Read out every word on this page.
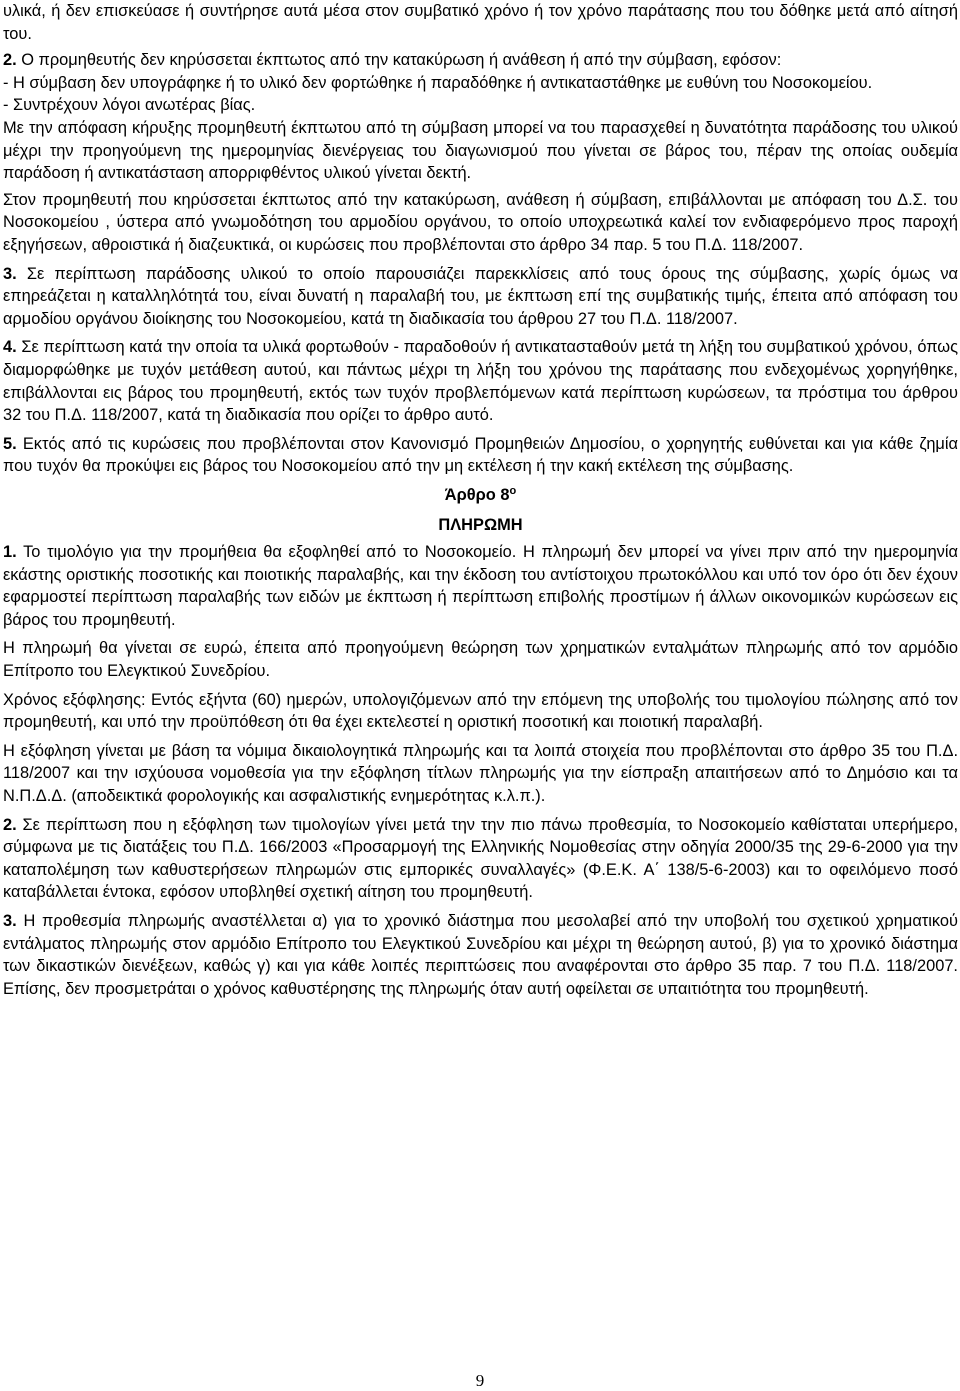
υλικά, ή δεν επισκεύασε ή συντήρησε αυτά μέσα στον συμβατικό χρόνο ή τον χρόνο παράτασης που του δόθηκε μετά από αίτησή του.

2. Ο προμηθευτής δεν κηρύσσεται έκπτωτος από την κατακύρωση ή ανάθεση ή από την σύμβαση, εφόσον:

- Η σύμβαση δεν υπογράφηκε ή το υλικό δεν φορτώθηκε ή παραδόθηκε ή αντικαταστάθηκε με ευθύνη του Νοσοκομείου.

- Συντρέχουν λόγοι ανωτέρας βίας.

Με την απόφαση κήρυξης προμηθευτή έκπτωτου από τη σύμβαση μπορεί να του παρασχεθεί η δυνατότητα παράδοσης του υλικού μέχρι την προηγούμενη της ημερομηνίας διενέργειας του διαγωνισμού που γίνεται σε βάρος του, πέραν της οποίας ουδεμία παράδοση ή αντικατάσταση απορριφθέντος υλικού γίνεται δεκτή.

Στον προμηθευτή που κηρύσσεται έκπτωτος από την κατακύρωση, ανάθεση ή σύμβαση, επιβάλλονται με απόφαση του Δ.Σ. του Νοσοκομείου , ύστερα από γνωμοδότηση του αρμοδίου οργάνου, το οποίο υποχρεωτικά καλεί τον ενδιαφερόμενο προς παροχή εξηγήσεων, αθροιστικά ή διαζευκτικά, οι κυρώσεις που προβλέπονται στο άρθρο 34 παρ. 5 του Π.Δ. 118/2007.

3. Σε περίπτωση παράδοσης υλικού το οποίο παρουσιάζει παρεκκλίσεις από τους όρους της σύμβασης, χωρίς όμως να επηρεάζεται η καταλληλότητά του, είναι δυνατή η παραλαβή του, με έκπτωση επί της συμβατικής τιμής, έπειτα από απόφαση του αρμοδίου οργάνου διοίκησης του Νοσοκομείου, κατά τη διαδικασία του άρθρου 27 του Π.Δ. 118/2007.

4. Σε περίπτωση κατά την οποία τα υλικά φορτωθούν - παραδοθούν ή αντικατασταθούν μετά τη λήξη του συμβατικού χρόνου, όπως διαμορφώθηκε με τυχόν μετάθεση αυτού, και πάντως μέχρι τη λήξη του χρόνου της παράτασης που ενδεχομένως χορηγήθηκε, επιβάλλονται εις βάρος του προμηθευτή, εκτός των τυχόν προβλεπόμενων κατά περίπτωση κυρώσεων, τα πρόστιμα του άρθρου 32 του Π.Δ. 118/2007, κατά τη διαδικασία που ορίζει το άρθρο αυτό.

5. Εκτός από τις κυρώσεις που προβλέπονται στον Κανονισμό Προμηθειών Δημοσίου, ο χορηγητής ευθύνεται και για κάθε ζημία που τυχόν θα προκύψει εις βάρος του Νοσοκομείου από την μη εκτέλεση ή την κακή εκτέλεση της σύμβασης.

Άρθρο $8^o$
ΠΛΗΡΩΜΗ

1. Το τιμολόγιο για την προμήθεια θα εξοφληθεί από το Νοσοκομείο. Η πληρωμή δεν μπορεί να γίνει πριν από την ημερομηνία εκάστης οριστικής ποσοτικής και ποιοτικής παραλαβής, και την έκδοση του αντίστοιχου πρωτοκόλλου και υπό τον όρο ότι δεν έχουν εφαρμοστεί περίπτωση παραλαβής των ειδών με έκπτωση ή περίπτωση επιβολής προστίμων ή άλλων οικονομικών κυρώσεων εις βάρος του προμηθευτή.

Η πληρωμή θα γίνεται σε ευρώ, έπειτα από προηγούμενη θεώρηση των χρηματικών ενταλμάτων πληρωμής από τον αρμόδιο Επίτροπο του Ελεγκτικού Συνεδρίου.

Χρόνος εξόφλησης: Εντός εξήντα (60) ημερών, υπολογιζόμενων από την επόμενη της υποβολής του τιμολογίου πώλησης από τον προμηθευτή, και υπό την προϋπόθεση ότι θα έχει εκτελεστεί η οριστική ποσοτική και ποιοτική παραλαβή.

Η εξόφληση γίνεται με βάση τα νόμιμα δικαιολογητικά πληρωμής και τα λοιπά στοιχεία που προβλέπονται στο άρθρο 35 του Π.Δ. 118/2007 και την ισχύουσα νομοθεσία για την εξόφληση τίτλων πληρωμής για την είσπραξη απαιτήσεων από το Δημόσιο και τα Ν.Π.Δ.Δ. (αποδεικτικά φορολογικής και ασφαλιστικής ενημερότητας κ.λ.π.).

2. Σε περίπτωση που η εξόφληση των τιμολογίων γίνει μετά την την πιο πάνω προθεσμία, το Νοσοκομείο καθίσταται υπερήμερο, σύμφωνα με τις διατάξεις του Π.Δ. 166/2003 «Προσαρμογή της Ελληνικής Νομοθεσίας στην οδηγία 2000/35 της 29-6-2000 για την καταπολέμηση των καθυστερήσεων πληρωμών στις εμπορικές συναλλαγές» (Φ.Ε.Κ. Α΄ 138/5-6-2003) και το οφειλόμενο ποσό καταβάλλεται έντοκα, εφόσον υποβληθεί σχετική αίτηση του προμηθευτή.

3. Η προθεσμία πληρωμής αναστέλλεται α) για το χρονικό διάστημα που μεσολαβεί από την υποβολή του σχετικού χρηματικού εντάλματος πληρωμής στον αρμόδιο Επίτροπο του Ελεγκτικού Συνεδρίου και μέχρι τη θεώρηση αυτού, β) για το χρονικό διάστημα των δικαστικών διενέξεων, καθώς γ) και για κάθε λοιπές περιπτώσεις που αναφέρονται στο άρθρο 35 παρ. 7 του Π.Δ. 118/2007. Επίσης, δεν προσμετράται ο χρόνος καθυστέρησης της πληρωμής όταν αυτή οφείλεται σε υπαιτιότητα του προμηθευτή.

9
